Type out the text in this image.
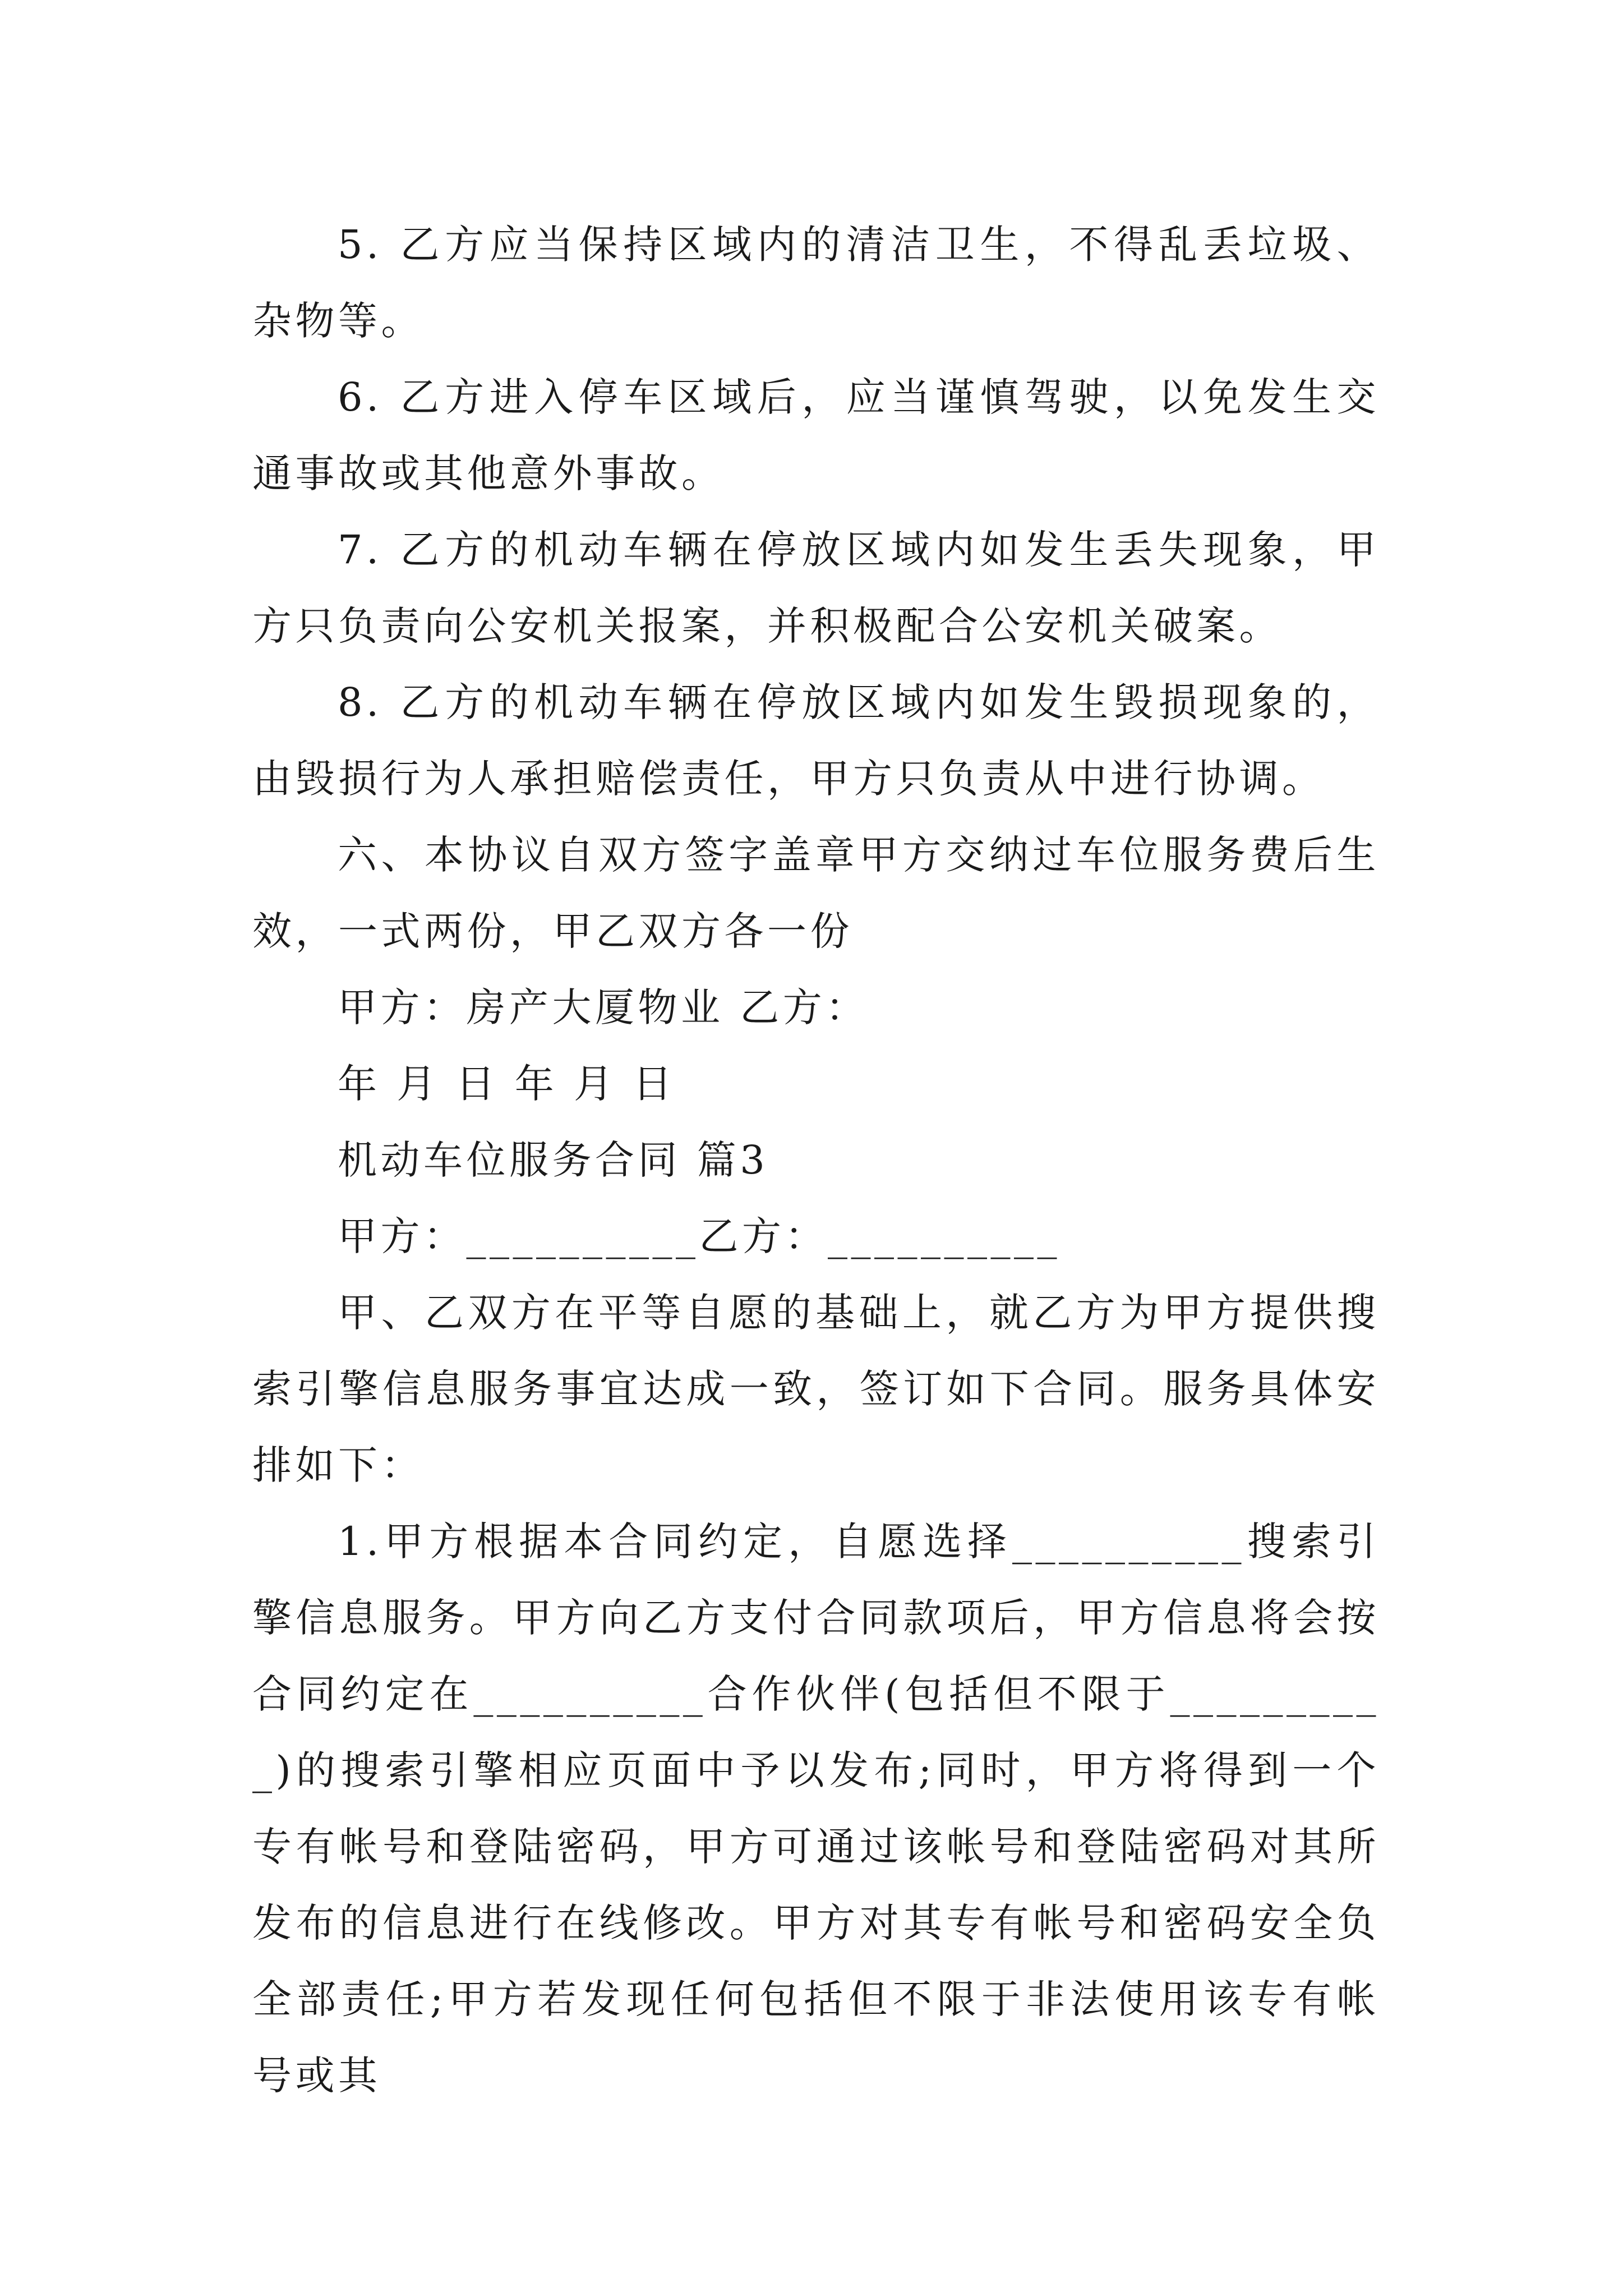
5. 乙方应当保持区域内的清洁卫生，不得乱丢垃圾、杂物等。

6. 乙方进入停车区域后，应当谨慎驾驶，以免发生交通事故或其他意外事故。

7. 乙方的机动车辆在停放区域内如发生丢失现象，甲方只负责向公安机关报案，并积极配合公安机关破案。

8. 乙方的机动车辆在停放区域内如发生毁损现象的，由毁损行为人承担赔偿责任，甲方只负责从中进行协调。

六、本协议自双方签字盖章甲方交纳过车位服务费后生效，一式两份，甲乙双方各一份

甲方：房产大厦物业 乙方：

年 月 日 年 月 日

机动车位服务合同 篇3

甲方：__________乙方：__________

甲、乙双方在平等自愿的基础上，就乙方为甲方提供搜索引擎信息服务事宜达成一致，签订如下合同。服务具体安排如下：

1.甲方根据本合同约定，自愿选择__________搜索引擎信息服务。甲方向乙方支付合同款项后，甲方信息将会按合同约定在__________合作伙伴(包括但不限于__________)的搜索引擎相应页面中予以发布;同时，甲方将得到一个专有帐号和登陆密码，甲方可通过该帐号和登陆密码对其所发布的信息进行在线修改。甲方对其专有帐号和密码安全负全部责任;甲方若发现任何包括但不限于非法使用该专有帐号或其
